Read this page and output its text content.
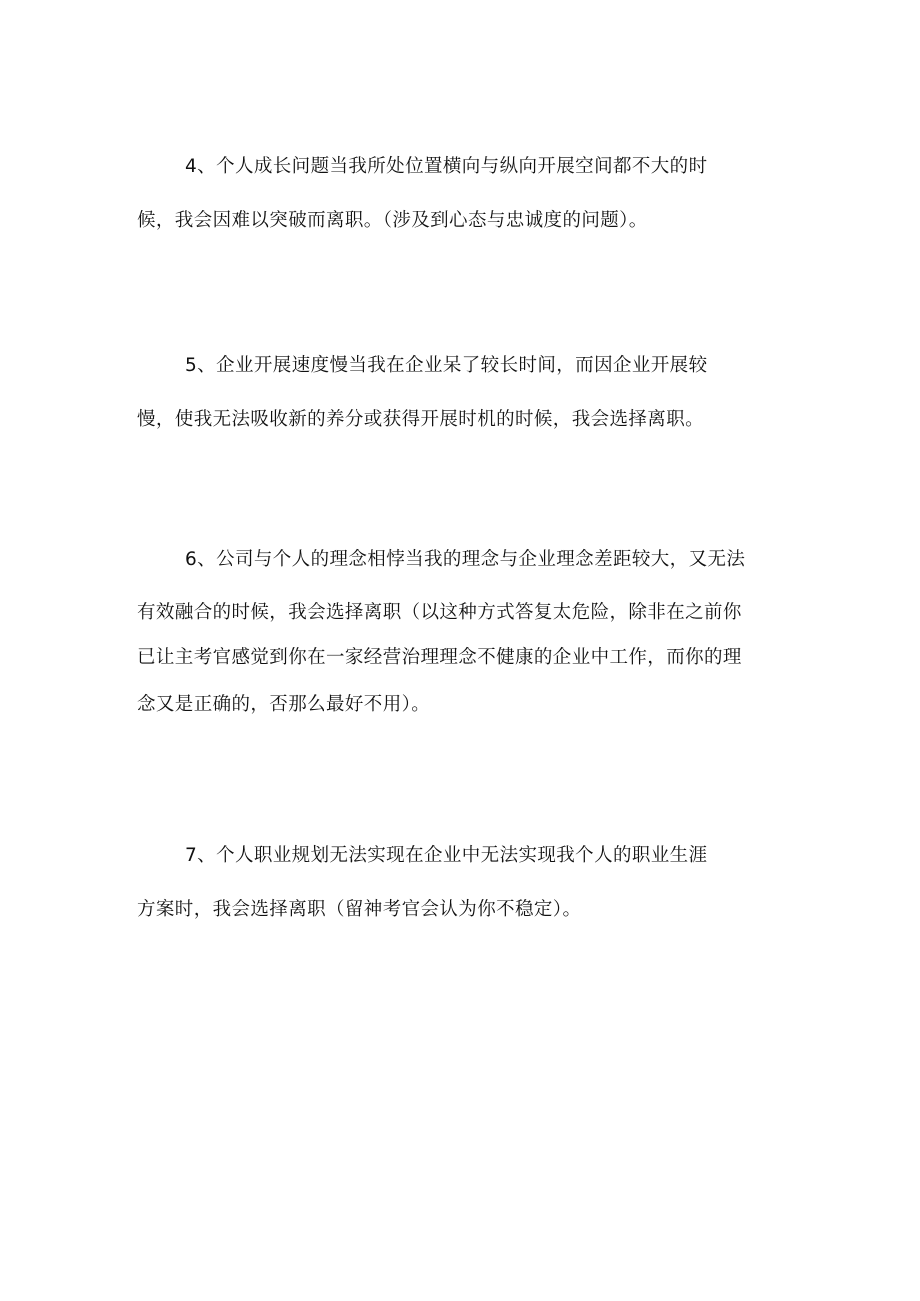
4、个人成长问题当我所处位置横向与纵向开展空间都不大的时
候，我会因难以突破而离职。（涉及到心态与忠诚度的问题）。
5、企业开展速度慢当我在企业呆了较长时间，而因企业开展较
慢，使我无法吸收新的养分或获得开展时机的时候，我会选择离职。
6、公司与个人的理念相悖当我的理念与企业理念差距较大，又无法
有效融合的时候，我会选择离职（以这种方式答复太危险，除非在之前你
已让主考官感觉到你在一家经营治理理念不健康的企业中工作，而你的理
念又是正确的，否那么最好不用）。
7、个人职业规划无法实现在企业中无法实现我个人的职业生涯
方案时，我会选择离职（留神考官会认为你不稳定）。
